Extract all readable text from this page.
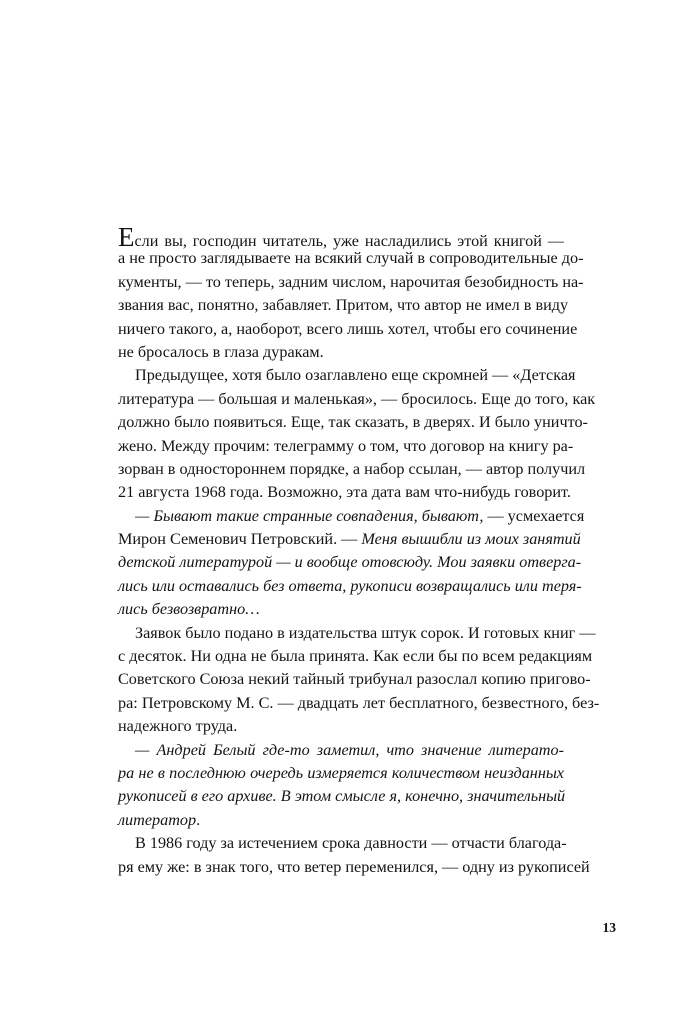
Если вы, господин читатель, уже насладились этой книгой —
а не просто заглядываете на всякий случай в сопроводительные до-
кументы, — то теперь, задним числом, нарочитая безобидность на-
звания вас, понятно, забавляет. Притом, что автор не имел в виду
ничего такого, а, наоборот, всего лишь хотел, чтобы его сочинение
не бросалось в глаза дуракам.
Предыдущее, хотя было озаглавлено еще скромней — «Детская
литература — большая и маленькая», — бросилось. Еще до того, как
должно было появиться. Еще, так сказать, в дверях. И было уничто-
жено. Между прочим: телеграмму о том, что договор на книгу ра-
зорван в одностороннем порядке, а набор ссылан, — автор получил
21 августа 1968 года. Возможно, эта дата вам что-нибудь говорит.
— Бывают такие странные совпадения, бывают, — усмехается
Мирон Семенович Петровский. — Меня вышибли из моих занятий
детской литературой — и вообще отовсюду. Мои заявки отверга-
лись или оставались без ответа, рукописи возвращались или теря-
лись безвозвратно…
Заявок было подано в издательства штук сорок. И готовых книг —
с десяток. Ни одна не была принята. Как если бы по всем редакциям
Советского Союза некий тайный трибунал разослал копию пригово-
ра: Петровскому М. С. — двадцать лет бесплатного, безвестного, без-
надежного труда.
— Андрей Белый где-то заметил, что значение литерато-
ра не в последнюю очередь измеряется количеством неизданных
рукописей в его архиве. В этом смысле я, конечно, значительный
литератор.
В 1986 году за истечением срока давности — отчасти благода-
ря ему же: в знак того, что ветер переменился, — одну из рукописей
13
